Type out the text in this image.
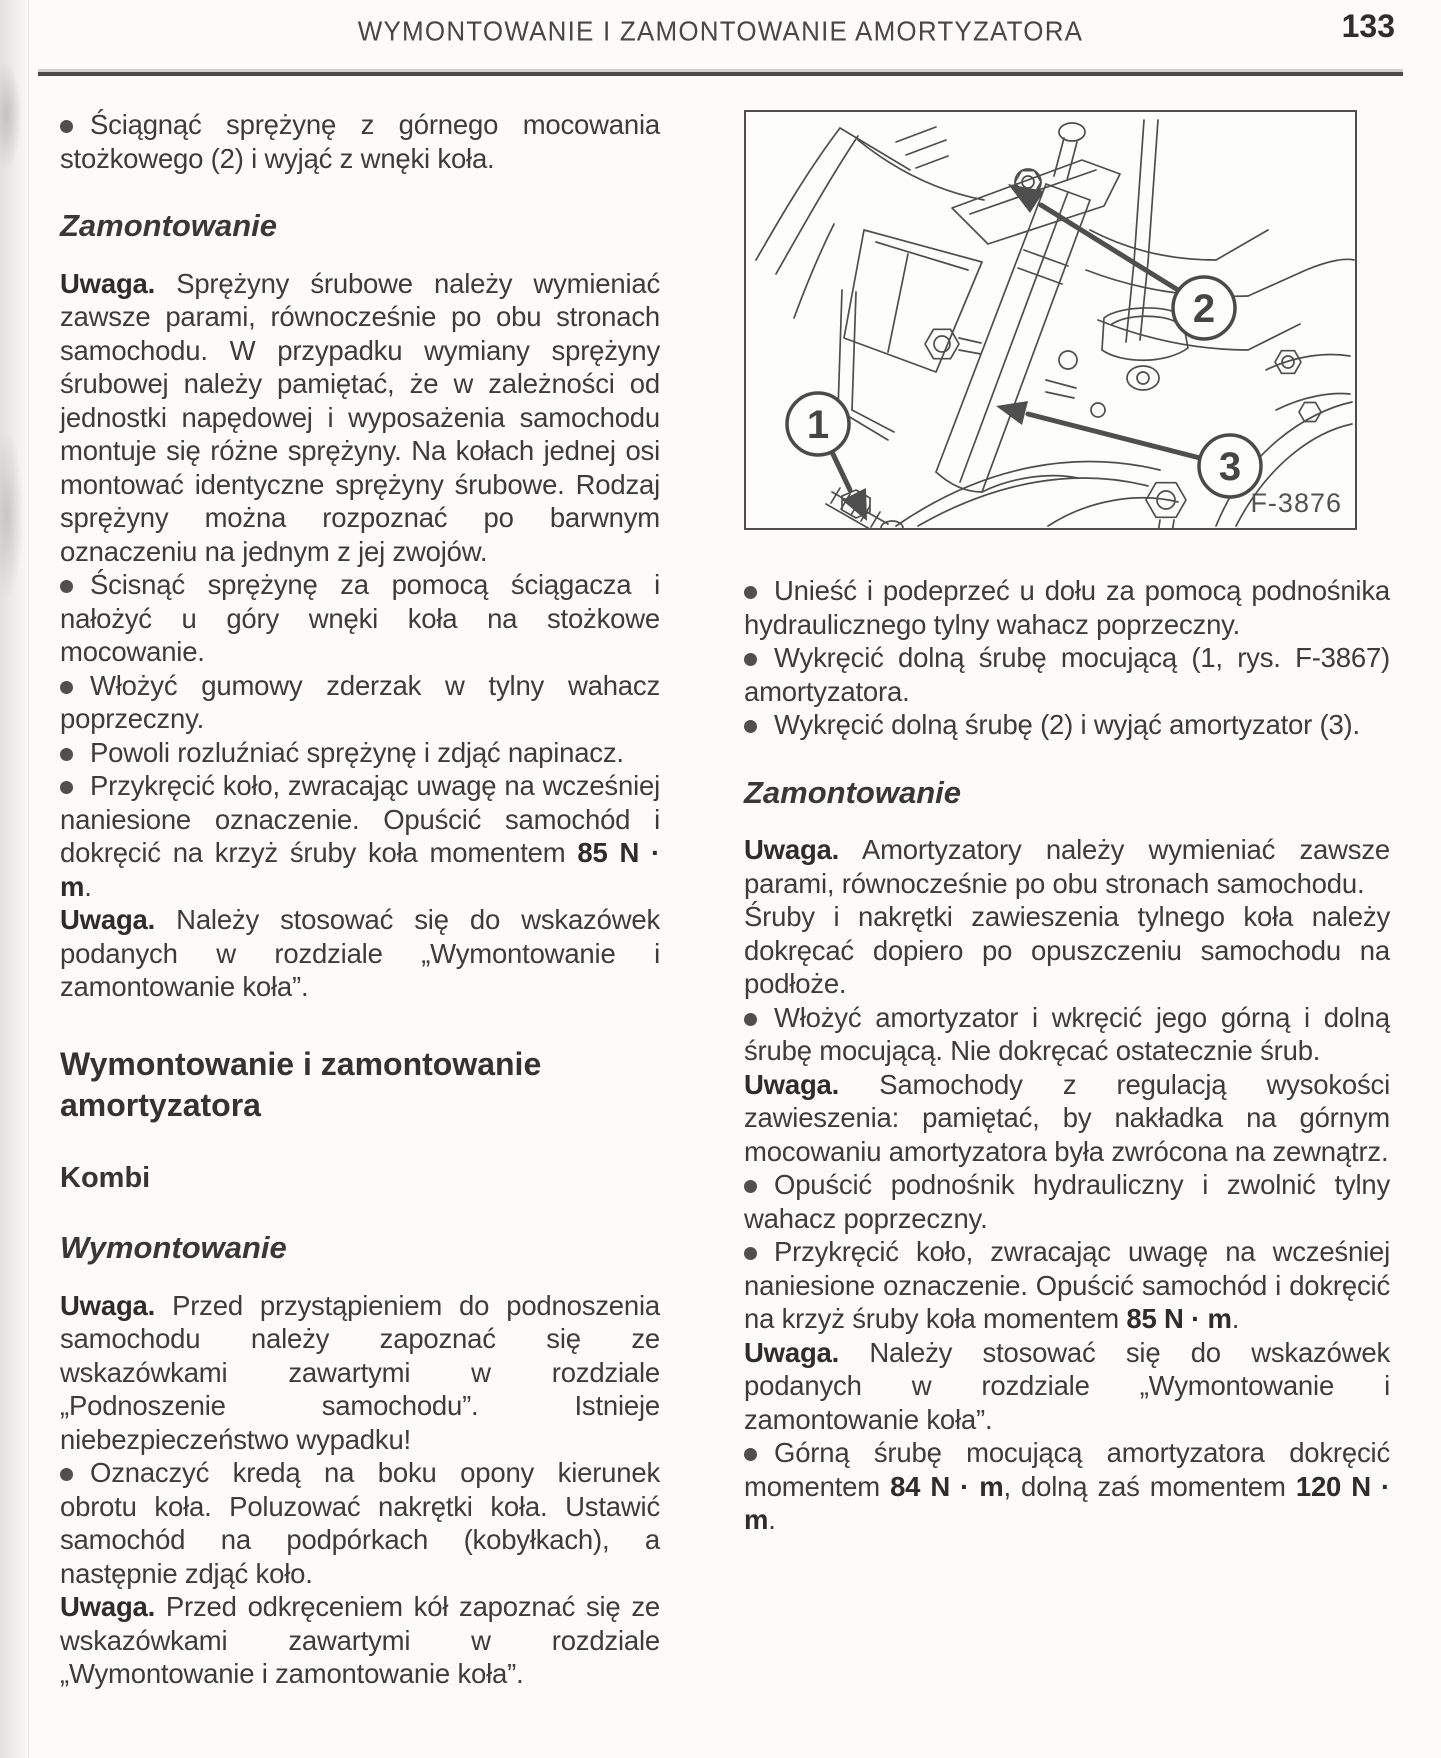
WYMONTOWANIE I ZAMONTOWANIE AMORTYZATORA	133

Ściągnąć sprężynę z górnego mocowania stożkowego (2) i wyjąć z wnęki koła.

Zamontowanie

Uwaga. Sprężyny śrubowe należy wymieniać zawsze parami, równocześnie po obu stronach samochodu. W przypadku wymiany sprężyny śrubowej należy pamiętać, że w zależności od jednostki napędowej i wyposażenia samochodu montuje się różne sprężyny. Na kołach jednej osi montować identyczne sprężyny śrubowe. Rodzaj sprężyny można rozpoznać po barwnym oznaczeniu na jednym z jej zwojów.

Ścisnąć sprężynę za pomocą ściągacza i nałożyć u góry wnęki koła na stożkowe mocowanie.

Włożyć gumowy zderzak w tylny wahacz poprzeczny.

Powoli rozluźniać sprężynę i zdjąć napinacz.

Przykręcić koło, zwracając uwagę na wcześniej naniesione oznaczenie. Opuścić samochód i dokręcić na krzyż śruby koła momentem 85 N · m.

Uwaga. Należy stosować się do wskazówek podanych w rozdziale „Wymontowanie i zamontowanie koła”.

Wymontowanie i zamontowanie amortyzatora

Kombi

Wymontowanie

Uwaga. Przed przystąpieniem do podnoszenia samochodu należy zapoznać się ze wskazówkami zawartymi w rozdziale „Podnoszenie samochodu”. Istnieje niebezpieczeństwo wypadku!

Oznaczyć kredą na boku opony kierunek obrotu koła. Poluzować nakrętki koła. Ustawić samochód na podpórkach (kobyłkach), a następnie zdjąć koło.

Uwaga. Przed odkręceniem kół zapoznać się ze wskazówkami zawartymi w rozdziale „Wymontowanie i zamontowanie koła”.

1
2
3
F-3876

Unieść i podeprzeć u dołu za pomocą podnośnika hydraulicznego tylny wahacz poprzeczny.

Wykręcić dolną śrubę mocującą (1, rys. F-3867) amortyzatora.

Wykręcić dolną śrubę (2) i wyjąć amortyzator (3).

Zamontowanie

Uwaga. Amortyzatory należy wymieniać zawsze parami, równocześnie po obu stronach samochodu.

Śruby i nakrętki zawieszenia tylnego koła należy dokręcać dopiero po opuszczeniu samochodu na podłoże.

Włożyć amortyzator i wkręcić jego górną i dolną śrubę mocującą. Nie dokręcać ostatecznie śrub.

Uwaga. Samochody z regulacją wysokości zawieszenia: pamiętać, by nakładka na górnym mocowaniu amortyzatora była zwrócona na zewnątrz.

Opuścić podnośnik hydrauliczny i zwolnić tylny wahacz poprzeczny.

Przykręcić koło, zwracając uwagę na wcześniej naniesione oznaczenie. Opuścić samochód i dokręcić na krzyż śruby koła momentem 85 N · m.

Uwaga. Należy stosować się do wskazówek podanych w rozdziale „Wymontowanie i zamontowanie koła”.

Górną śrubę mocującą amortyzatora dokręcić momentem 84 N · m, dolną zaś momentem 120 N · m.
